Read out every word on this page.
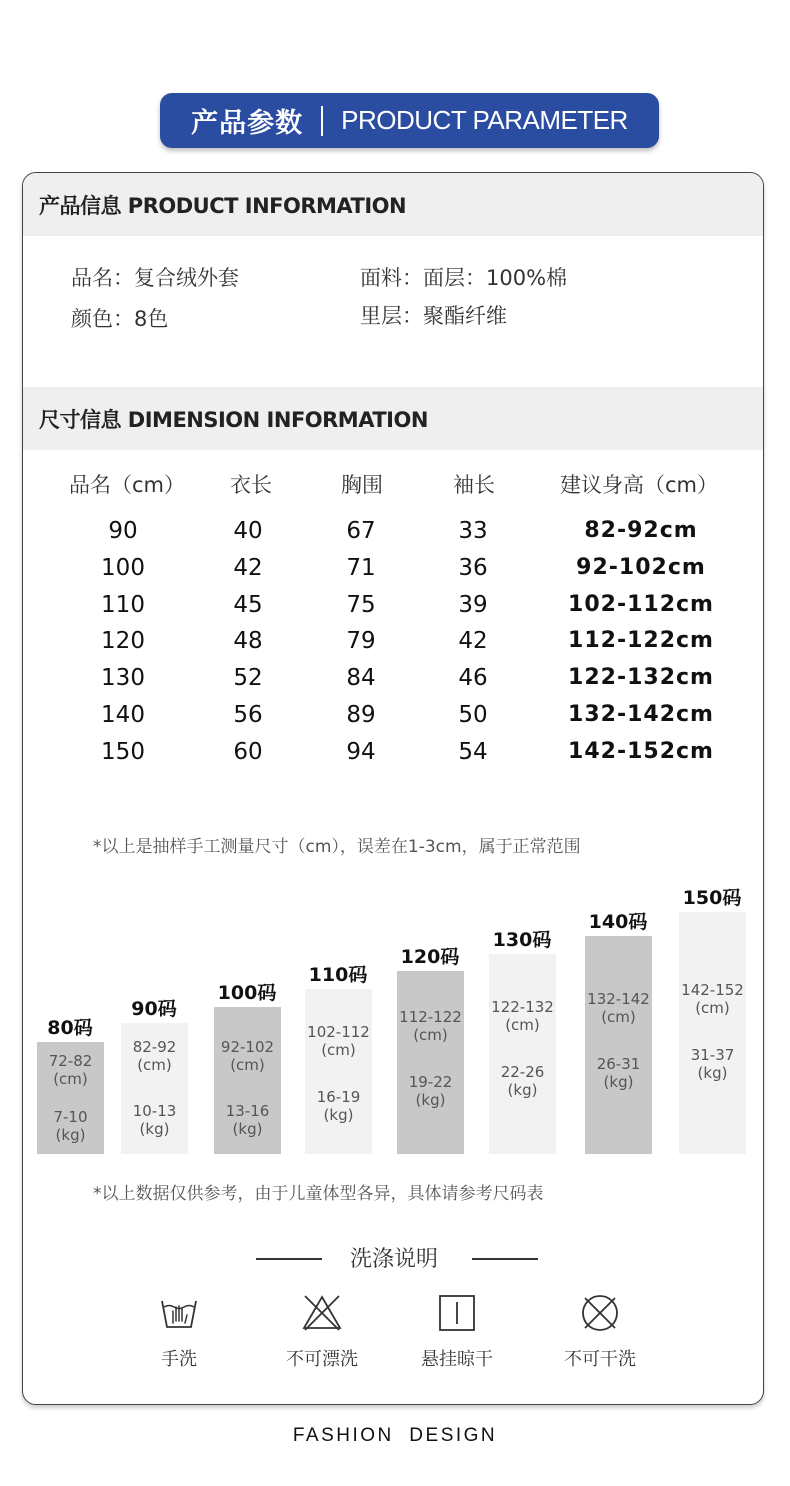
产品参数 PRODUCT PARAMETER
产品信息 PRODUCT INFORMATION
品名：复合绒外套
颜色：8色
面料：面层：100%棉
里层：聚酯纤维
尺寸信息 DIMENSION INFORMATION
品名（cm） 衣长	胸围	袖长	建议身高（cm）
90	40	67	33	82-92cm
100	42	71	36	92-102cm
110	45	75	39	102-112cm
120	48	79	42	112-122cm
130	52	84	46	122-132cm
140	56	89	50	132-142cm
150	60	94	54	142-152cm
*以上是抽样手工测量尺寸（cm），误差在1-3cm，属于正常范围
80码
72-82
(cm)
7-10
(kg)
90码
82-92
(cm)
10-13
(kg)
100码
92-102
(cm)
13-16
(kg)
110码
102-112
(cm)
16-19
(kg)
120码
112-122
(cm)
19-22
(kg)
130码
122-132
(cm)
22-26
(kg)
140码
132-142
(cm)
26-31
(kg)
150码
142-152
(cm)
31-37
(kg)
*以上数据仅供参考，由于儿童体型各异，具体请参考尺码表
洗涤说明
手洗	不可漂洗	悬挂晾干	不可干洗
FASHION  DESIGN
